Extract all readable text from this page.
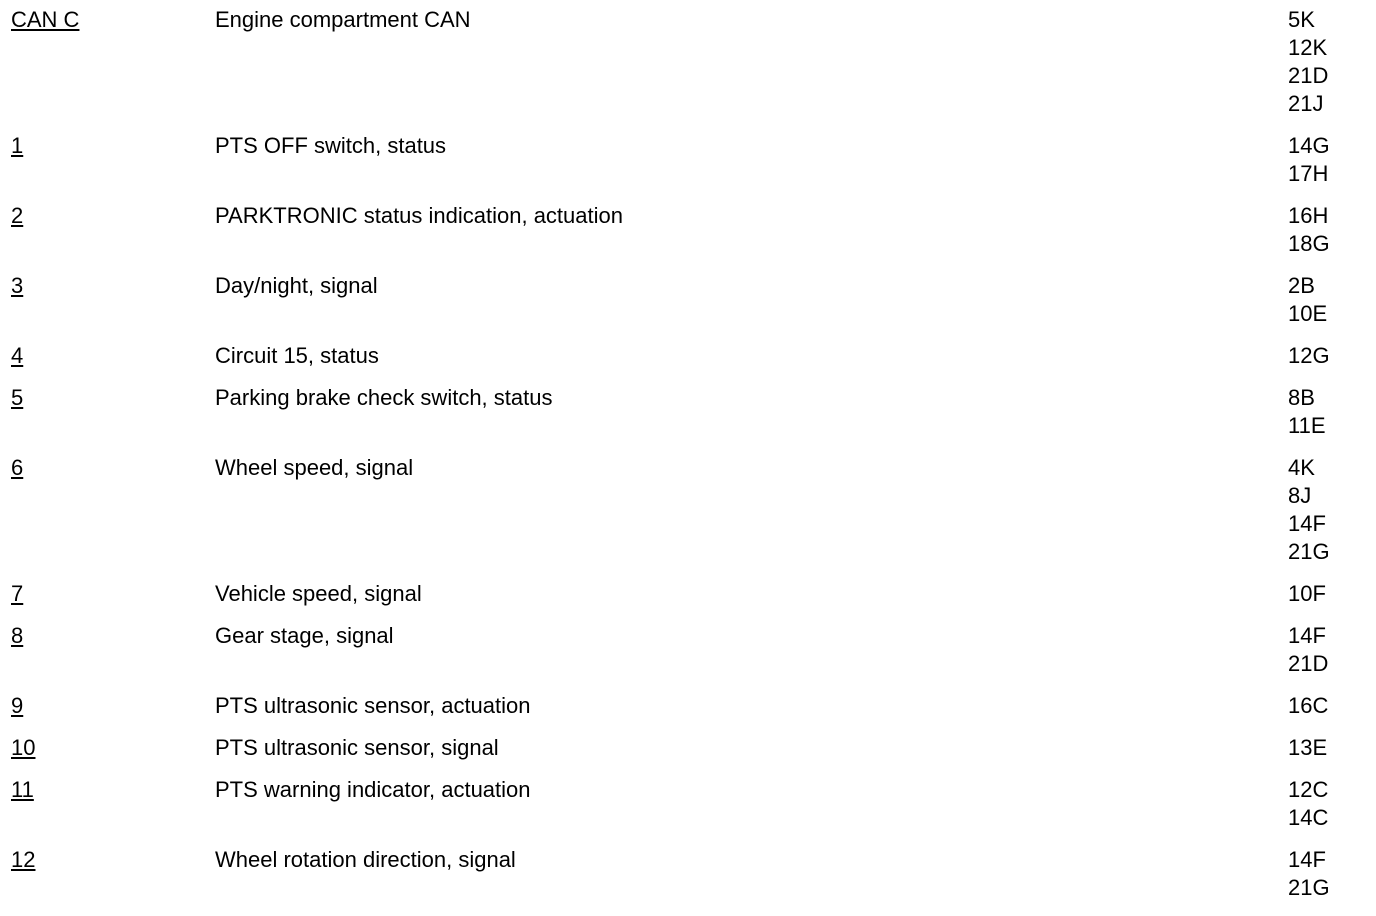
CAN C	Engine compartment CAN	5K
12K
21D
21J
1	PTS OFF switch, status	14G
17H
2	PARKTRONIC status indication, actuation	16H
18G
3	Day/night, signal	2B
10E
4	Circuit 15, status	12G
5	Parking brake check switch, status	8B
11E
6	Wheel speed, signal	4K
8J
14F
21G
7	Vehicle speed, signal	10F
8	Gear stage, signal	14F
21D
9	PTS ultrasonic sensor, actuation	16C
10	PTS ultrasonic sensor, signal	13E
11	PTS warning indicator, actuation	12C
14C
12	Wheel rotation direction, signal	14F
21G
